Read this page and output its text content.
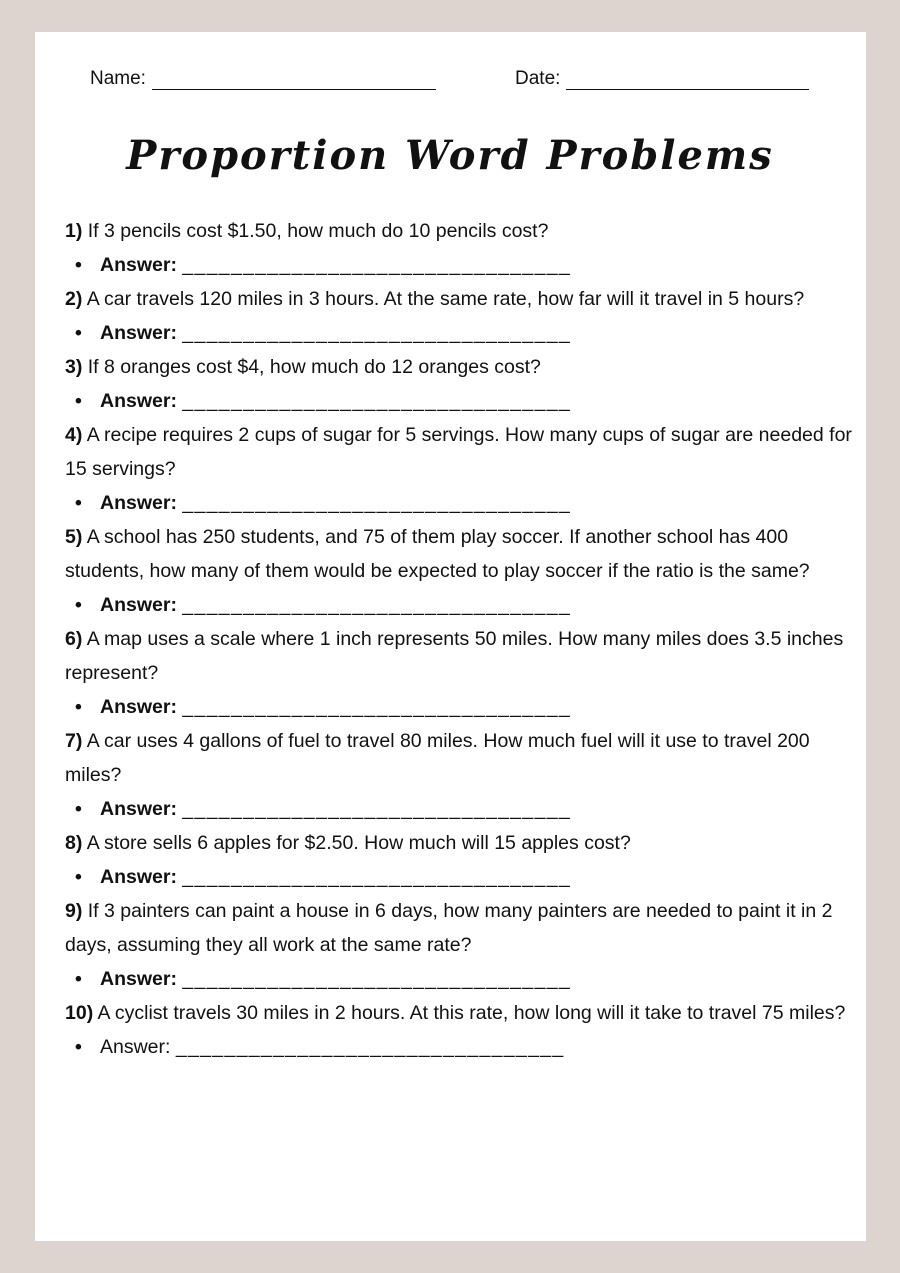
Name:	Date:
Proportion Word Problems
1) If 3 pencils cost $1.50, how much do 10 pencils cost?
• Answer: ________________________________
2) A car travels 120 miles in 3 hours. At the same rate, how far will it travel in 5 hours?
• Answer: ________________________________
3) If 8 oranges cost $4, how much do 12 oranges cost?
• Answer: ________________________________
4) A recipe requires 2 cups of sugar for 5 servings. How many cups of sugar are needed for 15 servings?
• Answer: ________________________________
5) A school has 250 students, and 75 of them play soccer. If another school has 400 students, how many of them would be expected to play soccer if the ratio is the same?
• Answer: ________________________________
6) A map uses a scale where 1 inch represents 50 miles. How many miles does 3.5 inches represent?
• Answer: ________________________________
7) A car uses 4 gallons of fuel to travel 80 miles. How much fuel will it use to travel 200 miles?
• Answer: ________________________________
8) A store sells 6 apples for $2.50. How much will 15 apples cost?
• Answer: ________________________________
9) If 3 painters can paint a house in 6 days, how many painters are needed to paint it in 2 days, assuming they all work at the same rate?
• Answer: ________________________________
10) A cyclist travels 30 miles in 2 hours. At this rate, how long will it take to travel 75 miles?
• Answer: ________________________________
